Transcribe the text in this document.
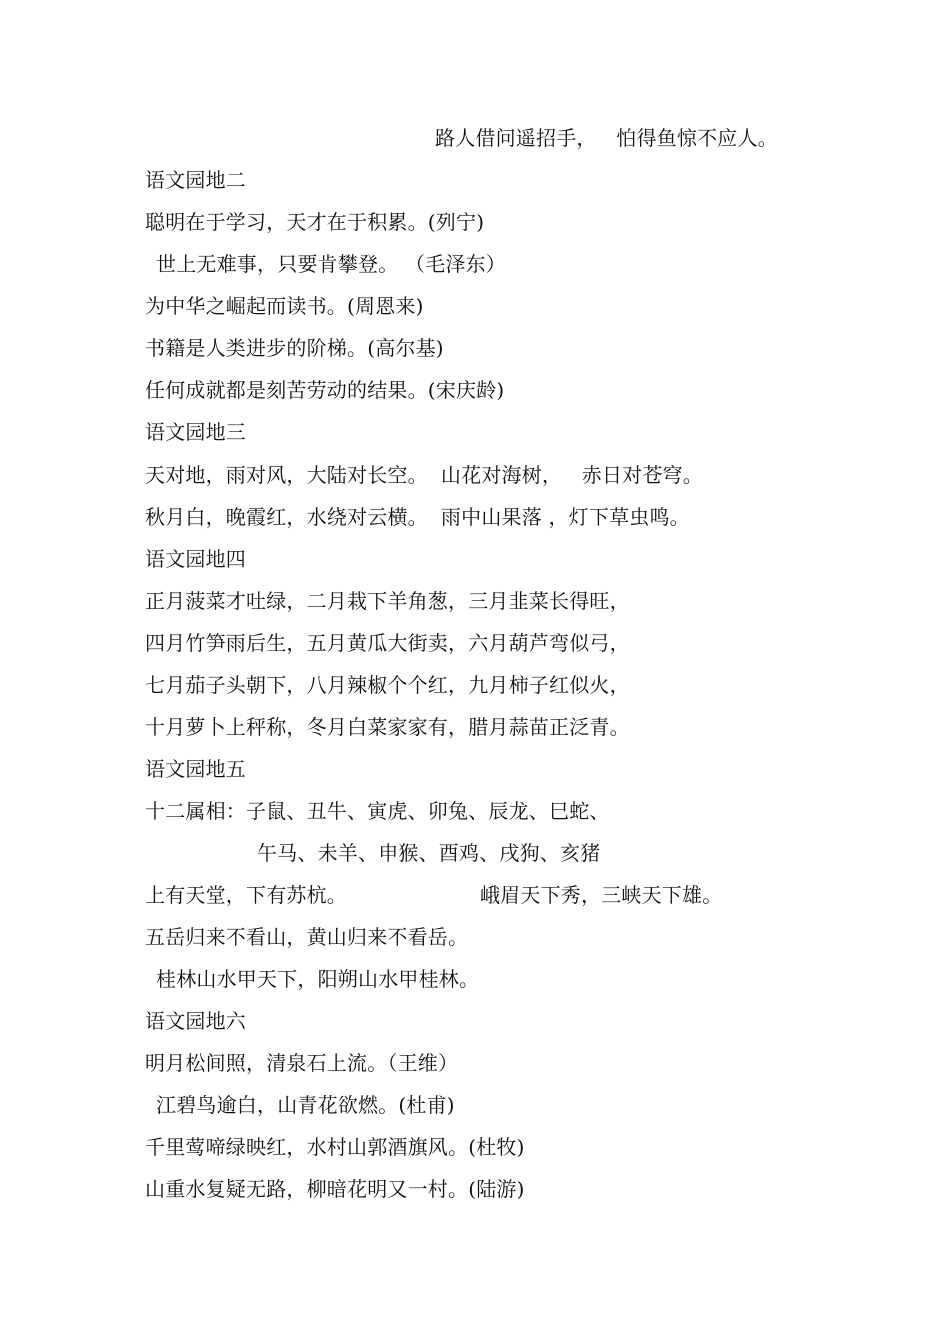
路人借问遥招手，   怕得鱼惊不应人。
语文园地二
聪明在于学习，天才在于积累。(列宁)
世上无难事，只要肯攀登。 （毛泽东）
为中华之崛起而读书。(周恩来)
书籍是人类进步的阶梯。(高尔基)
任何成就都是刻苦劳动的结果。(宋庆龄)
语文园地三
天对地，雨对风，大陆对长空。  山花对海树，   赤日对苍穹。
秋月白，晚霞红，水绕对云横。  雨中山果落 ，灯下草虫鸣。
语文园地四
正月菠菜才吐绿，二月栽下羊角葱，三月韭菜长得旺，
四月竹笋雨后生，五月黄瓜大街卖，六月葫芦弯似弓，
七月茄子头朝下，八月辣椒个个红，九月柿子红似火，
十月萝卜上秤称，冬月白菜家家有，腊月蒜苗正泛青。
语文园地五
十二属相：子鼠、丑牛、寅虎、卯兔、辰龙、巳蛇、
午马、未羊、申猴、酉鸡、戌狗、亥猪
上有天堂，下有苏杭。	峨眉天下秀，三峡天下雄。
五岳归来不看山，黄山归来不看岳。
桂林山水甲天下，阳朔山水甲桂林。
语文园地六
明月松间照，清泉石上流。（王维）
江碧鸟逾白，山青花欲燃。(杜甫)
千里莺啼绿映红，水村山郭酒旗风。(杜牧)
山重水复疑无路，柳暗花明又一村。(陆游)
